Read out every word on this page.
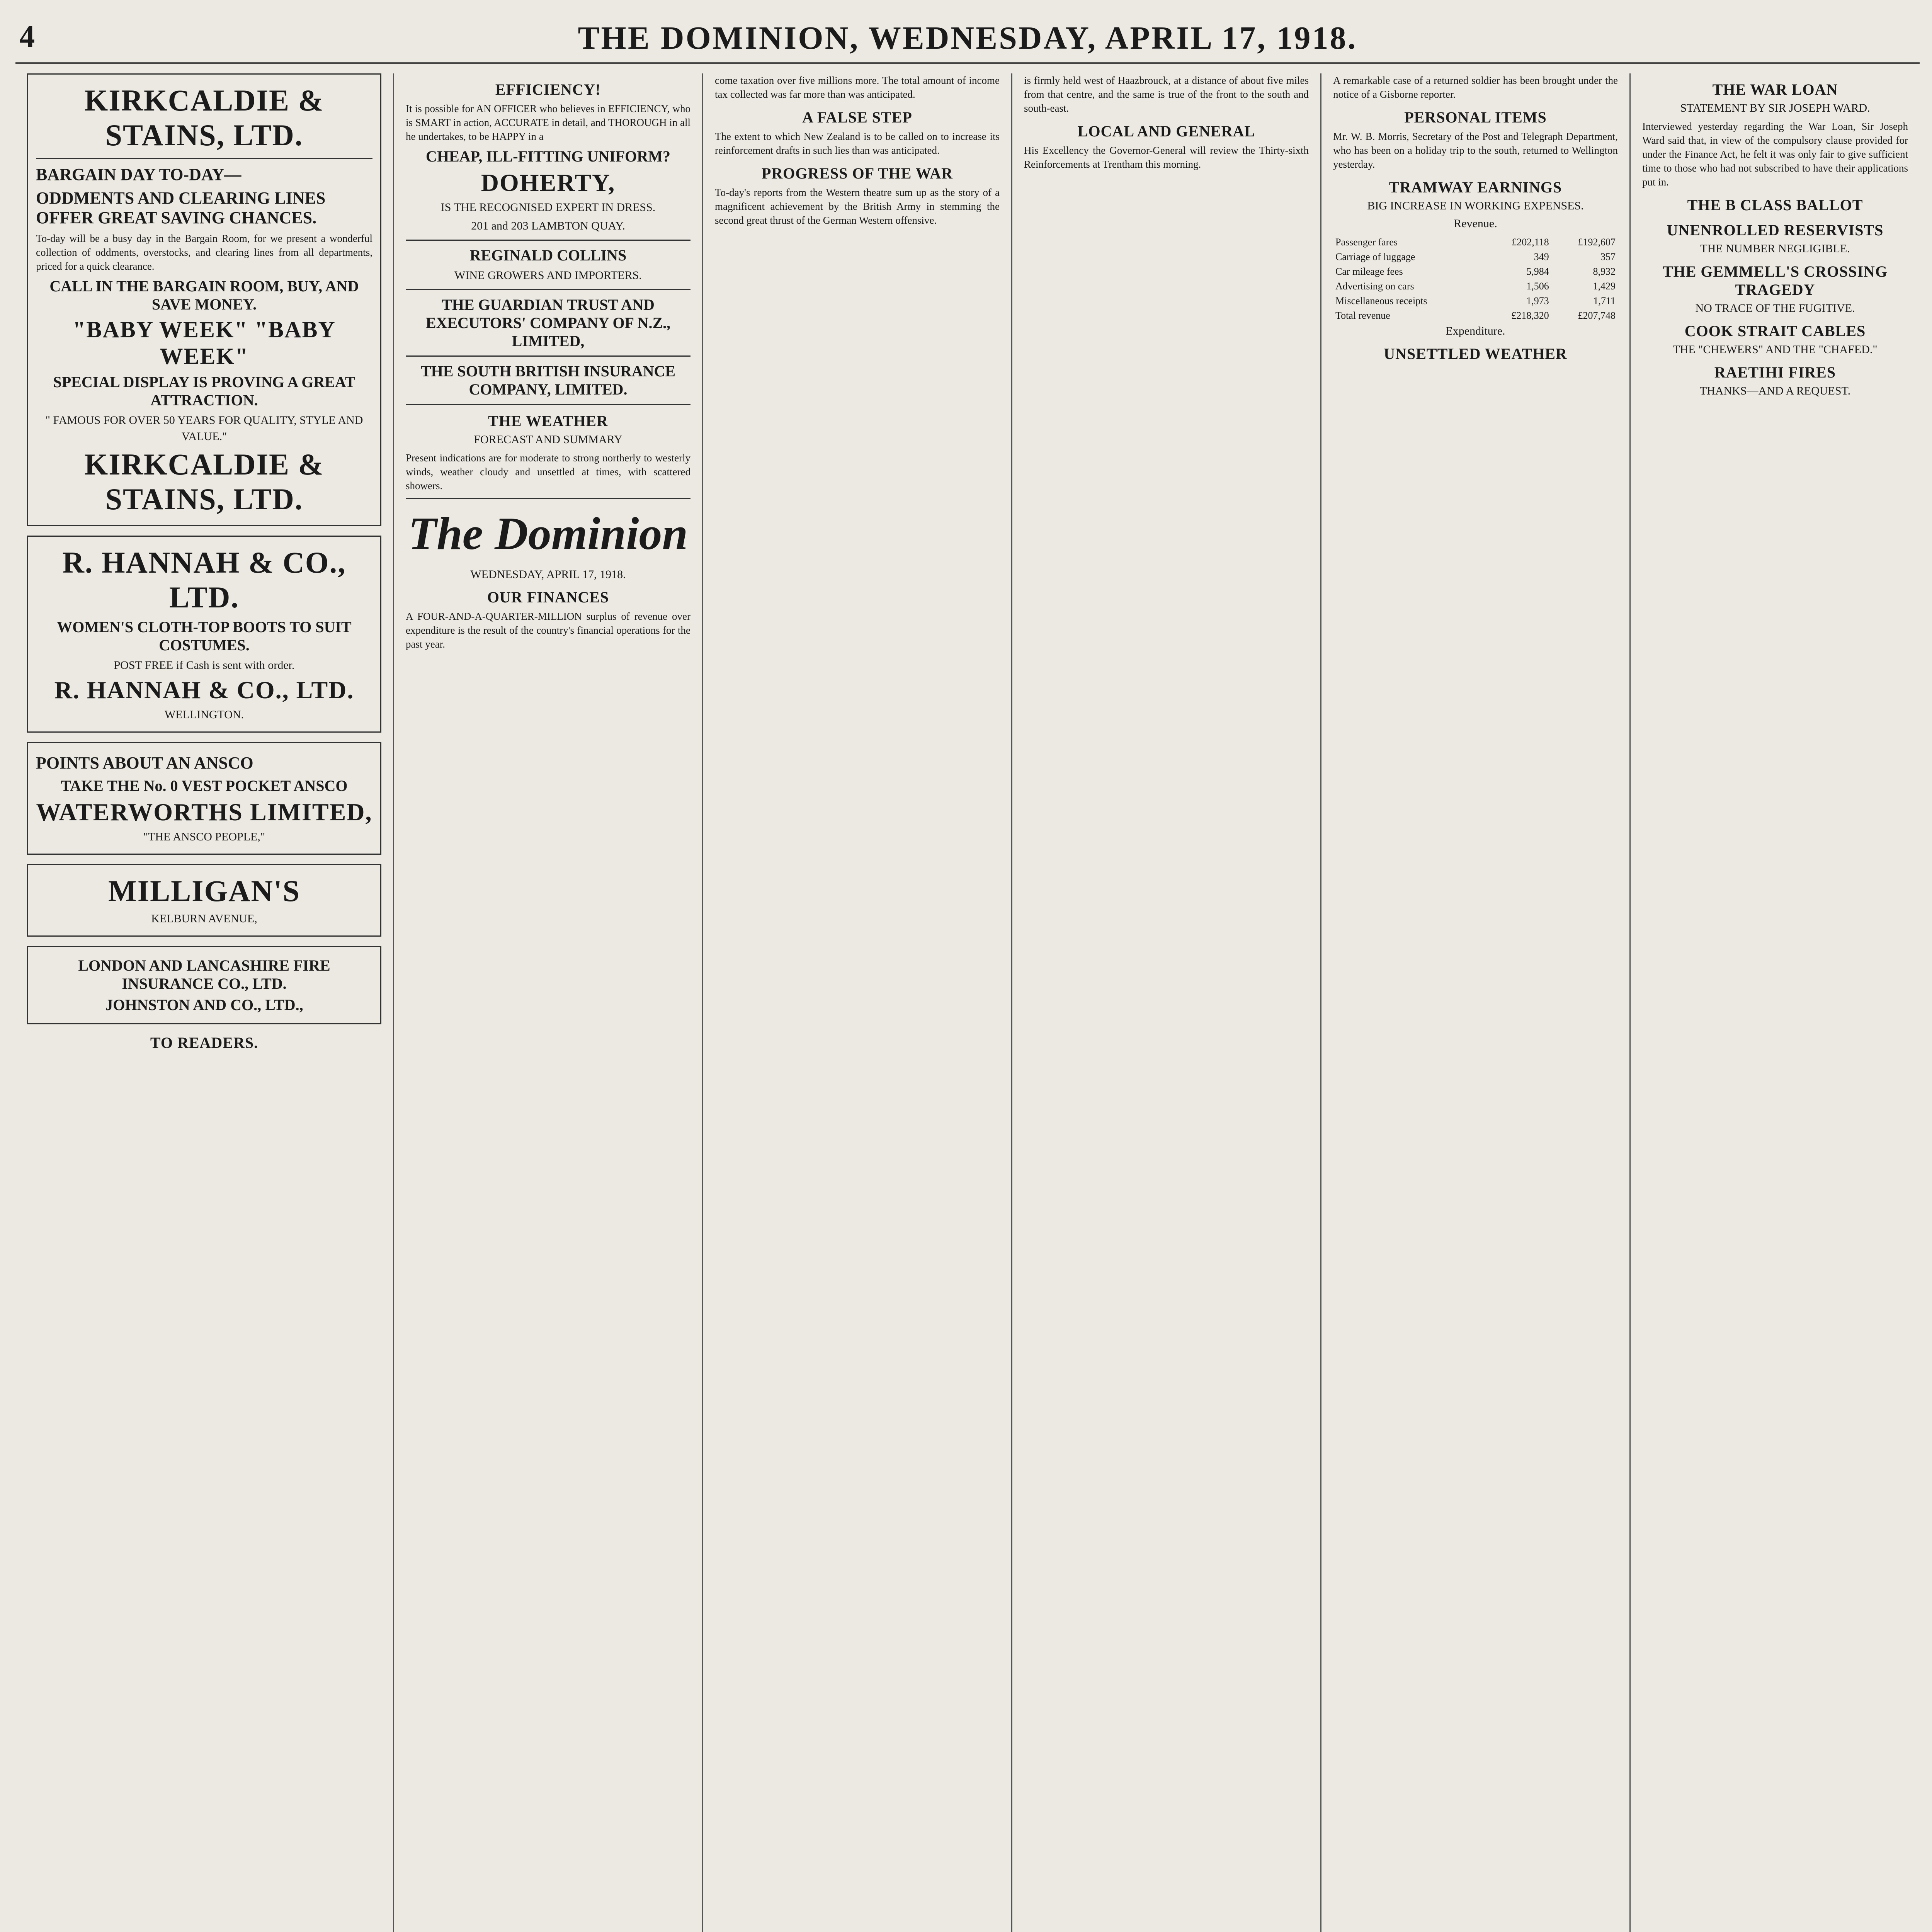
4	THE DOMINION, WEDNESDAY, APRIL 17, 1918.
KIRKCALDIE & STAINS, LTD.
BARGAIN DAY TO-DAY—
ODDMENTS AND CLEARING LINES OFFER GREAT SAVING CHANCES.

To-day will be a busy day in the Bargain Room, for we present a wonderful collection of oddments, overstocks, and clearing lines from all departments, priced for a quick clearance.

CALL IN THE BARGAIN ROOM, BUY, AND SAVE MONEY.
"BABY WEEK" "BABY WEEK"
SPECIAL DISPLAY IS PROVING A GREAT ATTRACTION.
" FAMOUS FOR OVER 50 YEARS FOR QUALITY, STYLE AND VALUE."
KIRKCALDIE & STAINS, LTD.
R. HANNAH & CO., LTD.
WOMEN'S CLOTH-TOP BOOTS TO SUIT COSTUMES.
POST FREE if Cash is sent with order.
R. HANNAH & CO., LTD.
WELLINGTON.
POINTS ABOUT AN ANSCO
TAKE THE No. 0 VEST POCKET ANSCO
WATERWORTHS LIMITED,
"THE ANSCO PEOPLE,"
MILLIGAN'S
KELBURN AVENUE,
LONDON AND LANCASHIRE FIRE INSURANCE CO., LTD.
JOHNSTON AND CO., LTD.,
TO READERS.
EFFICIENCY!

It is possible for AN OFFICER who believes in EFFICIENCY, who is SMART in action, ACCURATE in detail, and THOROUGH in all he undertakes, to be HAPPY in a

CHEAP, ILL-FITTING UNIFORM?
DOHERTY,
IS THE RECOGNISED EXPERT IN DRESS.
201 and 203 LAMBTON QUAY.
REGINALD COLLINS
WINE GROWERS AND IMPORTERS.
THE GUARDIAN TRUST AND EXECUTORS' COMPANY OF N.Z., LIMITED,
THE SOUTH BRITISH INSURANCE COMPANY, LIMITED.
THE WEATHER
FORECAST AND SUMMARY

Present indications are for moderate to strong northerly to westerly winds, weather cloudy and unsettled at times, with scattered showers.

The Dominion
WEDNESDAY, APRIL 17, 1918.
OUR FINANCES

A FOUR-AND-A-QUARTER-MILLION surplus of revenue over expenditure is the result of the country's financial operations for the past year.

come taxation over five millions more. The total amount of income tax collected was far more than was anticipated.

A FALSE STEP

The extent to which New Zealand is to be called on to increase its reinforcement drafts in such lies than was anticipated.

PROGRESS OF THE WAR

To-day's reports from the Western theatre sum up as the story of a magnificent achievement by the British Army in stemming the second great thrust of the German Western offensive.

is firmly held west of Haazbrouck, at a distance of about five miles from that centre, and the same is true of the front to the south and south-east.

LOCAL AND GENERAL

His Excellency the Governor-General will review the Thirty-sixth Reinforcements at Trentham this morning.

A remarkable case of a returned soldier has been brought under the notice of a Gisborne reporter.

PERSONAL ITEMS

Mr. W. B. Morris, Secretary of the Post and Telegraph Department, who has been on a holiday trip to the south, returned to Wellington yesterday.

TRAMWAY EARNINGS
BIG INCREASE IN WORKING EXPENSES.
Revenue.
Passenger fares	£202,118	£192,607
Carriage of luggage	349	357
Car mileage fees	5,984	8,932
Advertising on cars	1,506	1,429
Miscellaneous receipts	1,973	1,711
Total revenue	£218,320	£207,748
Expenditure.
UNSETTLED WEATHER
THE WAR LOAN
STATEMENT BY SIR JOSEPH WARD.

Interviewed yesterday regarding the War Loan, Sir Joseph Ward said that, in view of the compulsory clause provided for under the Finance Act, he felt it was only fair to give sufficient time to those who had not subscribed to have their applications put in.

THE B CLASS BALLOT
UNENROLLED RESERVISTS
THE NUMBER NEGLIGIBLE.
THE GEMMELL'S CROSSING TRAGEDY
NO TRACE OF THE FUGITIVE.
COOK STRAIT CABLES
THE "CHEWERS" AND THE "CHAFED."
RAETIHI FIRES
THANKS—AND A REQUEST.
